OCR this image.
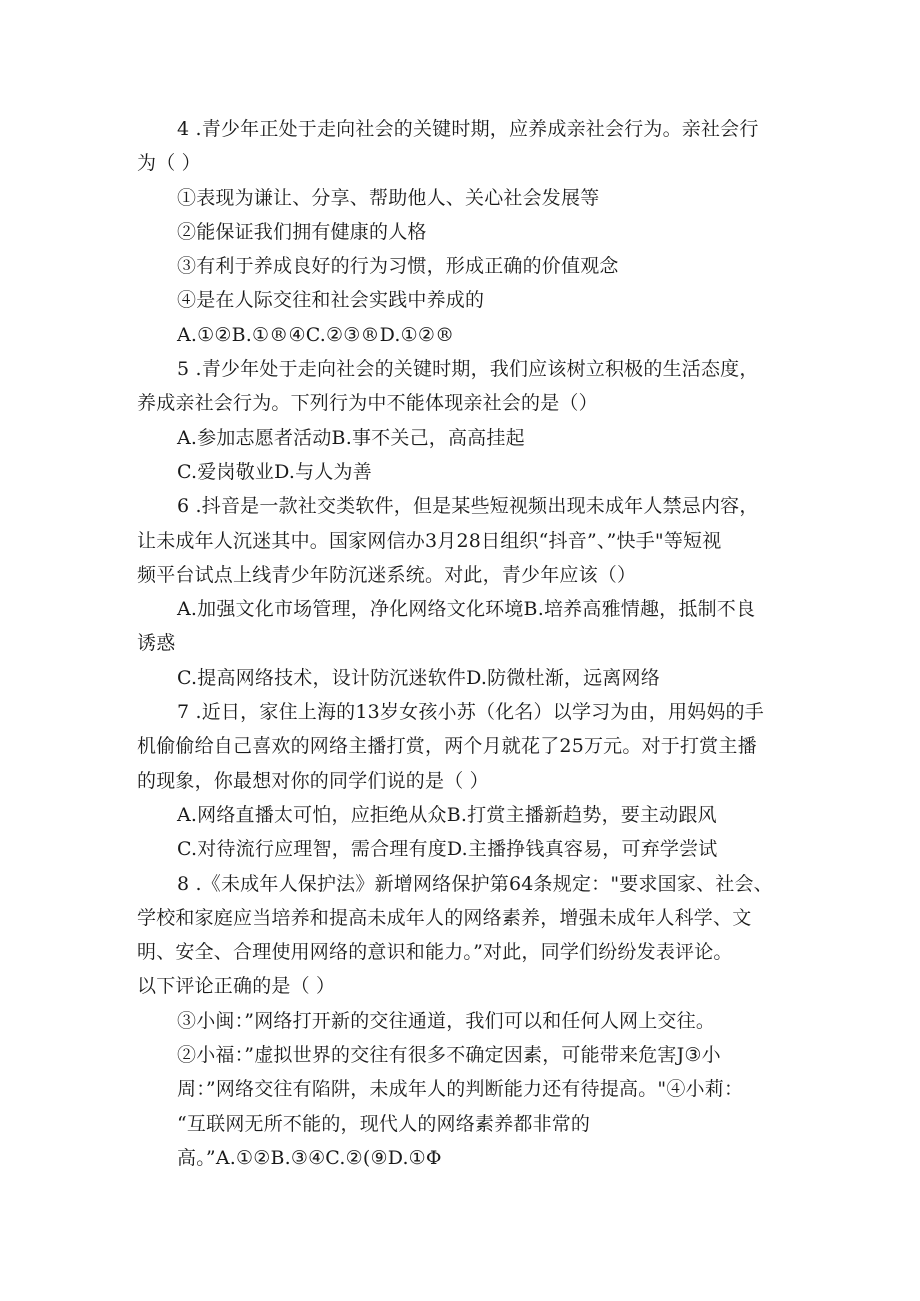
4 .青少年正处于走向社会的关键时期，应养成亲社会行为。亲社会行
为（ ）
①表现为谦让、分享、帮助他人、关心社会发展等
②能保证我们拥有健康的人格
③有利于养成良好的行为习惯，形成正确的价值观念
④是在人际交往和社会实践中养成的
A.①②B.①®④C.②③®D.①②®
5 .青少年处于走向社会的关键时期，我们应该树立积极的生活态度，
养成亲社会行为。下列行为中不能体现亲社会的是（）
A.参加志愿者活动B.事不关己，高高挂起
C.爱岗敬业D.与人为善
6 .抖音是一款社交类软件，但是某些短视频出现未成年人禁忌内容，
让未成年人沉迷其中。国家网信办3月28日组织“抖音”、”快手"等短视
频平台试点上线青少年防沉迷系统。对此，青少年应该（）
A.加强文化市场管理，净化网络文化环境B.培养高雅情趣，抵制不良
诱惑
C.提高网络技术，设计防沉迷软件D.防微杜渐，远离网络
7 .近日，家住上海的13岁女孩小苏（化名）以学习为由，用妈妈的手
机偷偷给自己喜欢的网络主播打赏，两个月就花了25万元。对于打赏主播
的现象，你最想对你的同学们说的是（ ）
A.网络直播太可怕，应拒绝从众B.打赏主播新趋势，要主动跟风
C.对待流行应理智，需合理有度D.主播挣钱真容易，可弃学尝试
8 .《未成年人保护法》新增网络保护第64条规定："要求国家、社会、
学校和家庭应当培养和提高未成年人的网络素养，增强未成年人科学、文
明、安全、合理使用网络的意识和能力。”对此，同学们纷纷发表评论。
以下评论正确的是（ ）
③小闽：”网络打开新的交往通道，我们可以和任何人网上交往。
②小福：”虚拟世界的交往有很多不确定因素，可能带来危害J③小
周：”网络交往有陷阱，未成年人的判断能力还有待提高。"④小莉：
“互联网无所不能的，现代人的网络素养都非常的
高。”A.①②B.③④C.②(⑨D.①Φ
